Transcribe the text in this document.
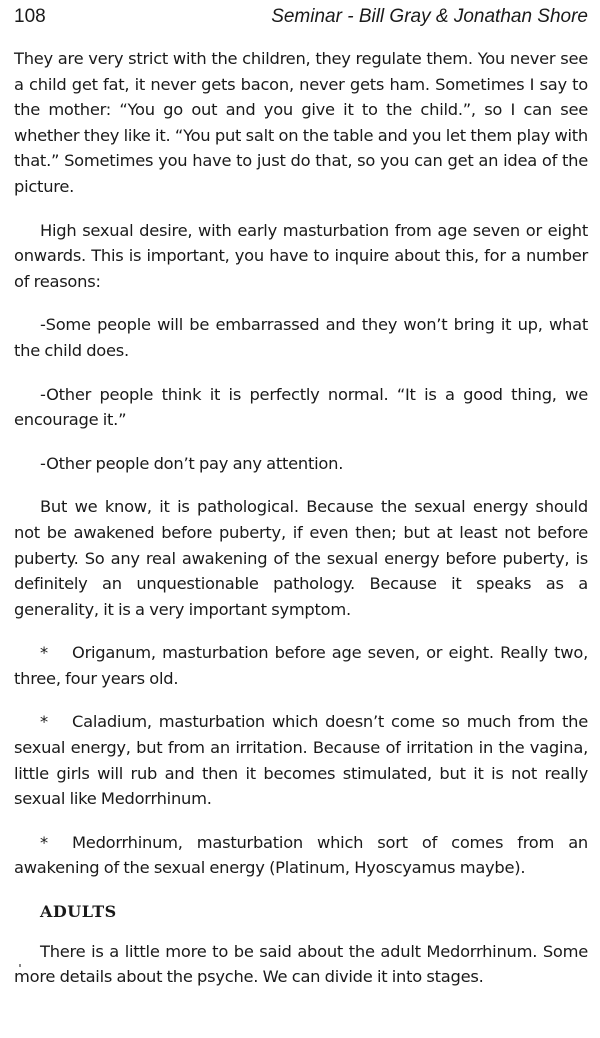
108	Seminar - Bill Gray & Jonathan Shore

They are very strict with the children, they regulate them. You never see a child get fat, it never gets bacon, never gets ham. Sometimes I say to the mother: “You go out and you give it to the child.”, so I can see whether they like it. “You put salt on the table and you let them play with that.” Sometimes you have to just do that, so you can get an idea of the picture.

High sexual desire, with early masturbation from age seven or eight onwards. This is important, you have to inquire about this, for a number of reasons:

-Some people will be embarrassed and they won’t bring it up, what the child does.

-Other people think it is perfectly normal. “It is a good thing, we encourage it.”

-Other people don’t pay any attention.

But we know, it is pathological. Because the sexual energy should not be awakened before puberty, if even then; but at least not before puberty. So any real awakening of the sexual energy before puberty, is definitely an unquestionable pathology. Because it speaks as a generality, it is a very important symptom.

* Origanum, masturbation before age seven, or eight. Really two, three, four years old.

* Caladium, masturbation which doesn’t come so much from the sexual energy, but from an irritation. Because of irritation in the vagina, little girls will rub and then it becomes stimulated, but it is not really sexual like Medorrhinum.

* Medorrhinum, masturbation which sort of comes from an awakening of the sexual energy (Platinum, Hyoscyamus maybe).

ADULTS

There is a little more to be said about the adult Medorrhinum. Some more details about the psyche. We can divide it into stages.
